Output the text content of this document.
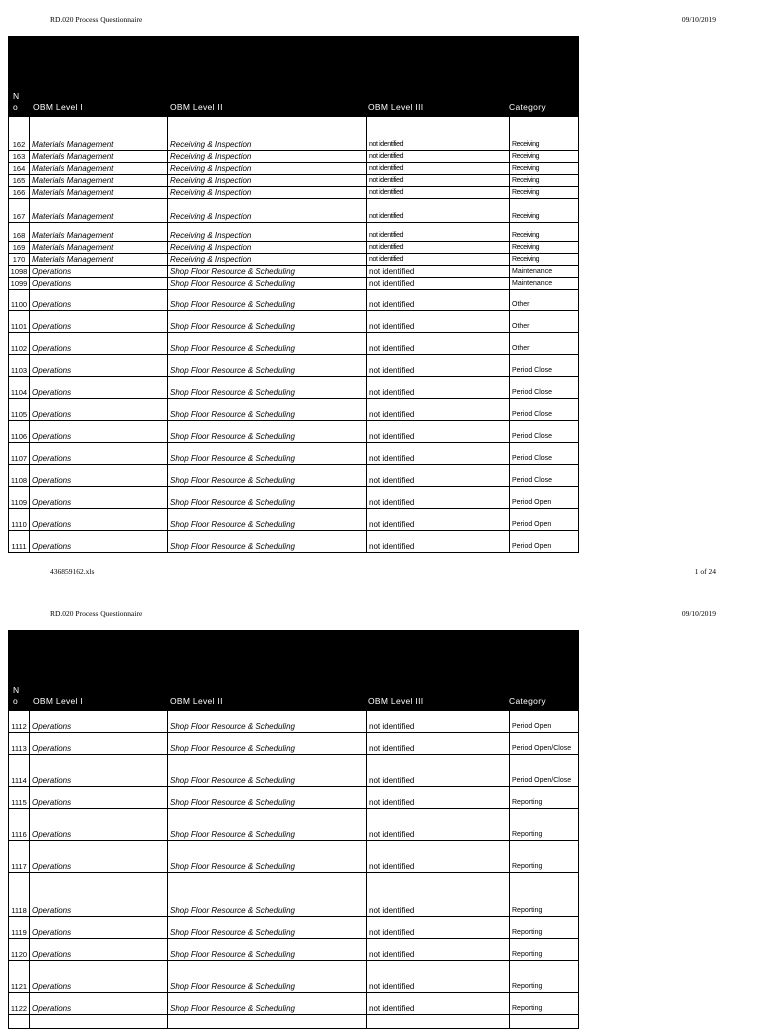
RD.020 Process Questionnaire	09/10/2019
N
o OBM Level I	OBM Level II	OBM Level III	Category
162	Materials Management	Receiving & Inspection	not identified	Receiving
163	Materials Management	Receiving & Inspection	not identified	Receiving
164	Materials Management	Receiving & Inspection	not identified	Receiving
165	Materials Management	Receiving & Inspection	not identified	Receiving
166	Materials Management	Receiving & Inspection	not identified	Receiving
167	Materials Management	Receiving & Inspection	not identified	Receiving
168	Materials Management	Receiving & Inspection	not identified	Receiving
169	Materials Management	Receiving & Inspection	not identified	Receiving
170	Materials Management	Receiving & Inspection	not identified	Receiving
1098	Operations	Shop Floor Resource & Scheduling	not identified	Maintenance
1099	Operations	Shop Floor Resource & Scheduling	not identified	Maintenance
1100	Operations	Shop Floor Resource & Scheduling	not identified	Other
1101	Operations	Shop Floor Resource & Scheduling	not identified	Other
1102	Operations	Shop Floor Resource & Scheduling	not identified	Other
1103	Operations	Shop Floor Resource & Scheduling	not identified	Period Close
1104	Operations	Shop Floor Resource & Scheduling	not identified	Period Close
1105	Operations	Shop Floor Resource & Scheduling	not identified	Period Close
1106	Operations	Shop Floor Resource & Scheduling	not identified	Period Close
1107	Operations	Shop Floor Resource & Scheduling	not identified	Period Close
1108	Operations	Shop Floor Resource & Scheduling	not identified	Period Close
1109	Operations	Shop Floor Resource & Scheduling	not identified	Period Open
1110	Operations	Shop Floor Resource & Scheduling	not identified	Period Open
1111	Operations	Shop Floor Resource & Scheduling	not identified	Period Open
436859162.xls	1 of 24
RD.020 Process Questionnaire	09/10/2019
N
o OBM Level I	OBM Level II	OBM Level III	Category
1112	Operations	Shop Floor Resource & Scheduling	not identified	Period Open
1113	Operations	Shop Floor Resource & Scheduling	not identified	Period Open/Close
1114	Operations	Shop Floor Resource & Scheduling	not identified	Period Open/Close
1115	Operations	Shop Floor Resource & Scheduling	not identified	Reporting
1116	Operations	Shop Floor Resource & Scheduling	not identified	Reporting
1117	Operations	Shop Floor Resource & Scheduling	not identified	Reporting
1118	Operations	Shop Floor Resource & Scheduling	not identified	Reporting
1119	Operations	Shop Floor Resource & Scheduling	not identified	Reporting
1120	Operations	Shop Floor Resource & Scheduling	not identified	Reporting
1121	Operations	Shop Floor Resource & Scheduling	not identified	Reporting
1122	Operations	Shop Floor Resource & Scheduling	not identified	Reporting
